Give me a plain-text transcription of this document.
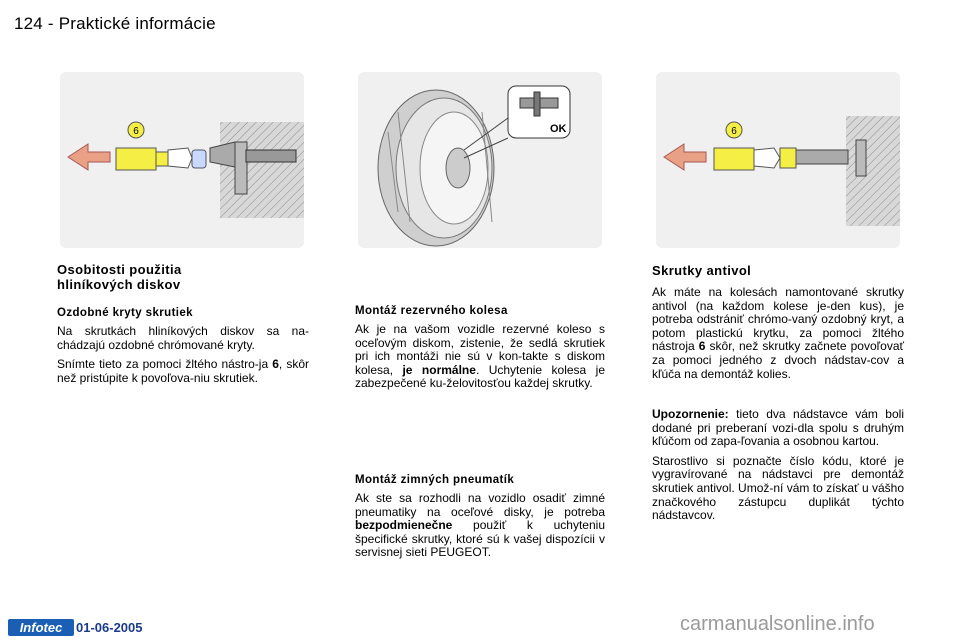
124 - Praktické informácie
6	OK	6
Osobitosti použitia
hliníkových diskov
Ozdobné kryty skrutiek

Na skrutkách hliníkových diskov sa na-chádzajú ozdobné chrómované kryty.

Snímte tieto za pomoci žltého nástro-ja 6, skôr než pristúpite k povoľova-niu skrutiek.

Montáž rezervného kolesa

Ak je na vašom vozidle rezervné koleso s oceľovým diskom, zistenie, že sedlá skrutiek pri ich montáži nie sú v kon-takte s diskom kolesa, je normálne. Uchytenie kolesa je zabezpečené ku-želovitosťou každej skrutky.

Montáž zimných pneumatík

Ak ste sa rozhodli na vozidlo osadiť zimné pneumatiky na oceľové disky, je potreba bezpodmienečne použiť k uchyteniu špecifické skrutky, ktoré sú k vašej dispozícii v servisnej sieti PEUGEOT.

Skrutky antivol

Ak máte na kolesách namontované skrutky antivol (na každom kolese je-den kus), je potreba odstrániť chrómo-vaný ozdobný kryt, a potom plastickú krytku, za pomoci žltého nástroja 6 skôr, než skrutky začnete povoľovať za pomoci jedného z dvoch nádstav-cov a kľúča na demontáž kolies.

Upozornenie: tieto dva nádstavce vám boli dodané pri preberaní vozi-dla spolu s druhým kľúčom od zapa-ľovania a osobnou kartou.

Starostlivo si poznačte číslo kódu, ktoré je vygravírované na nádstavci pre demontáž skrutiek antivol. Umož-ní vám to získať u vášho značkového zástupcu duplikát týchto nádstavcov.

Infotec	01-06-2005	carmanualsonline.info
